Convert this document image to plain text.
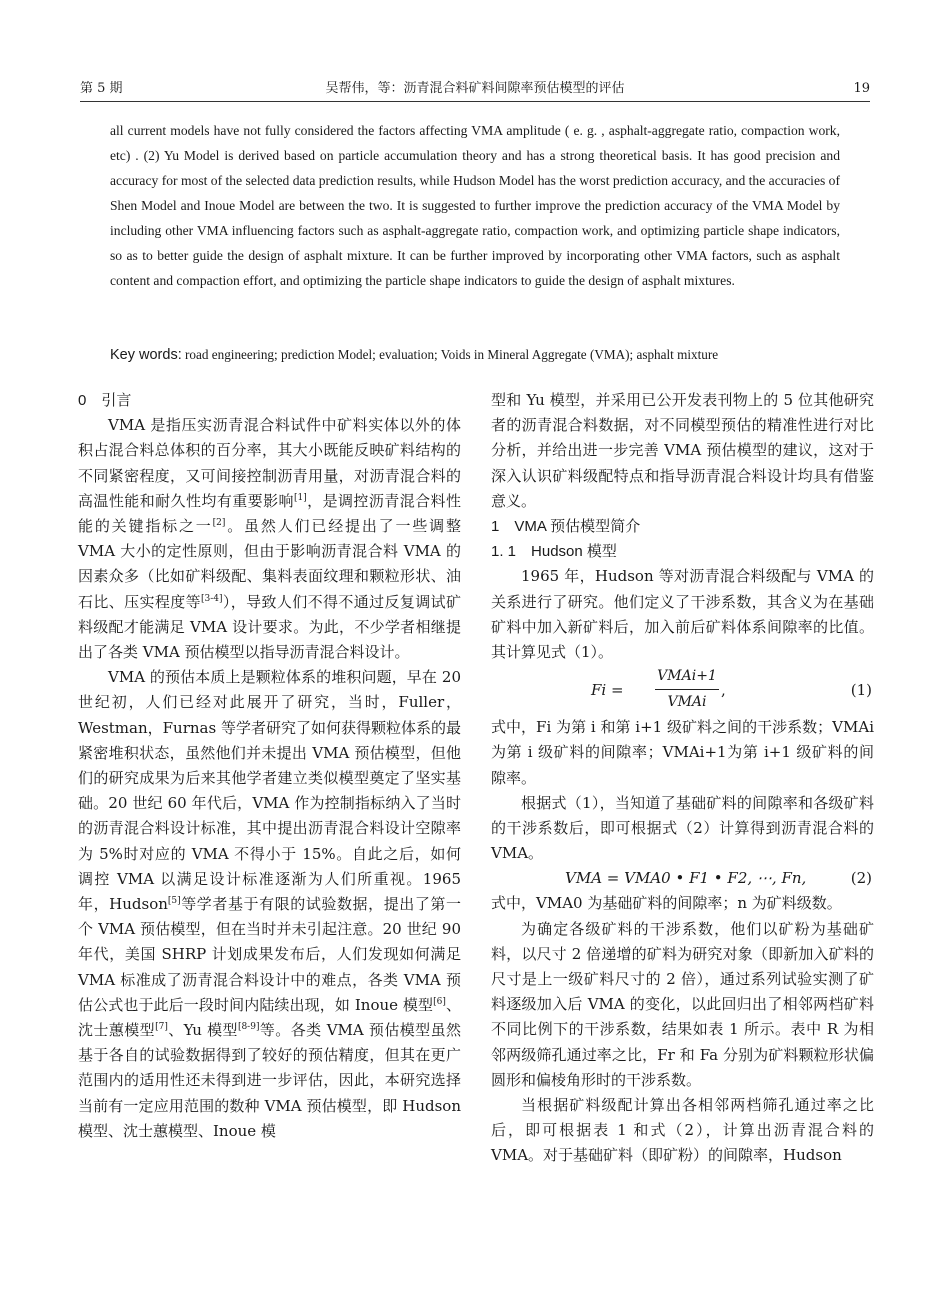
第 5 期	吴帮伟，等：沥青混合料矿料间隙率预估模型的评估	19

all current models have not fully considered the factors affecting VMA amplitude ( e. g. , asphalt-aggregate ratio, compaction work, etc) . (2) Yu Model is derived based on particle accumulation theory and has a strong theoretical basis. It has good precision and accuracy for most of the selected data prediction results, while Hudson Model has the worst prediction accuracy, and the accuracies of Shen Model and Inoue Model are between the two. It is suggested to further improve the prediction accuracy of the VMA Model by including other VMA influencing factors such as asphalt-aggregate ratio, compaction work, and optimizing particle shape indicators, so as to better guide the design of asphalt mixture. It can be further improved by incorporating other VMA factors, such as asphalt content and compaction effort, and optimizing the particle shape indicators to guide the design of asphalt mixtures.

Key words: road engineering; prediction Model; evaluation; Voids in Mineral Aggregate (VMA); asphalt mixture

0　引言

VMA 是指压实沥青混合料试件中矿料实体以外的体积占混合料总体积的百分率，其大小既能反映矿料结构的不同紧密程度，又可间接控制沥青用量，对沥青混合料的高温性能和耐久性均有重要影响[1]，是调控沥青混合料性能的关键指标之一[2]。虽然人们已经提出了一些调整 VMA 大小的定性原则，但由于影响沥青混合料 VMA 的因素众多（比如矿料级配、集料表面纹理和颗粒形状、油石比、压实程度等[3-4]），导致人们不得不通过反复调试矿料级配才能满足 VMA 设计要求。为此，不少学者相继提出了各类 VMA 预估模型以指导沥青混合料设计。

VMA 的预估本质上是颗粒体系的堆积问题，早在 20 世纪初，人们已经对此展开了研究，当时，Fuller，Westman，Furnas 等学者研究了如何获得颗粒体系的最紧密堆积状态，虽然他们并未提出 VMA 预估模型，但他们的研究成果为后来其他学者建立类似模型奠定了坚实基础。20 世纪 60 年代后，VMA 作为控制指标纳入了当时的沥青混合料设计标准，其中提出沥青混合料设计空隙率为 5%时对应的 VMA 不得小于 15%。自此之后，如何调控 VMA 以满足设计标准逐渐为人们所重视。1965 年，Hudson[5]等学者基于有限的试验数据，提出了第一个 VMA 预估模型，但在当时并未引起注意。20 世纪 90 年代，美国 SHRP 计划成果发布后，人们发现如何满足 VMA 标准成了沥青混合料设计中的难点，各类 VMA 预估公式也于此后一段时间内陆续出现，如 Inoue 模型[6]、沈士蕙模型[7]、Yu 模型[8-9]等。各类 VMA 预估模型虽然基于各自的试验数据得到了较好的预估精度，但其在更广范围内的适用性还未得到进一步评估，因此，本研究选择当前有一定应用范围的数种 VMA 预估模型，即 Hudson 模型、沈士蕙模型、Inoue 模

型和 Yu 模型，并采用已公开发表刊物上的 5 位其他研究者的沥青混合料数据，对不同模型预估的精准性进行对比分析，并给出进一步完善 VMA 预估模型的建议，这对于深入认识矿料级配特点和指导沥青混合料设计均具有借鉴意义。

1　VMA 预估模型简介

1. 1　Hudson 模型

1965 年，Hudson 等对沥青混合料级配与 VMA 的关系进行了研究。他们定义了干涉系数，其含义为在基础矿料中加入新矿料后，加入前后矿料体系间隙率的比值。其计算见式（1）。

Fi =
VMAi+1
VMAi
,	(1)

式中，Fi 为第 i 和第 i+1 级矿料之间的干涉系数；VMAi 为第 i 级矿料的间隙率；VMAi+1为第 i+1 级矿料的间隙率。

根据式（1），当知道了基础矿料的间隙率和各级矿料的干涉系数后，即可根据式（2）计算得到沥青混合料的 VMA。

VMA = VMA0 • F1 • F2, ⋯, Fn,	(2)

式中，VMA0 为基础矿料的间隙率；n 为矿料级数。

为确定各级矿料的干涉系数，他们以矿粉为基础矿料，以尺寸 2 倍递增的矿料为研究对象（即新加入矿料的尺寸是上一级矿料尺寸的 2 倍），通过系列试验实测了矿料逐级加入后 VMA 的变化，以此回归出了相邻两档矿料不同比例下的干涉系数，结果如表 1 所示。表中 R 为相邻两级筛孔通过率之比，Fr 和 Fa 分别为矿料颗粒形状偏圆形和偏棱角形时的干涉系数。

当根据矿料级配计算出各相邻两档筛孔通过率之比后，即可根据表 1 和式（2），计算出沥青混合料的 VMA。对于基础矿料（即矿粉）的间隙率，Hudson
